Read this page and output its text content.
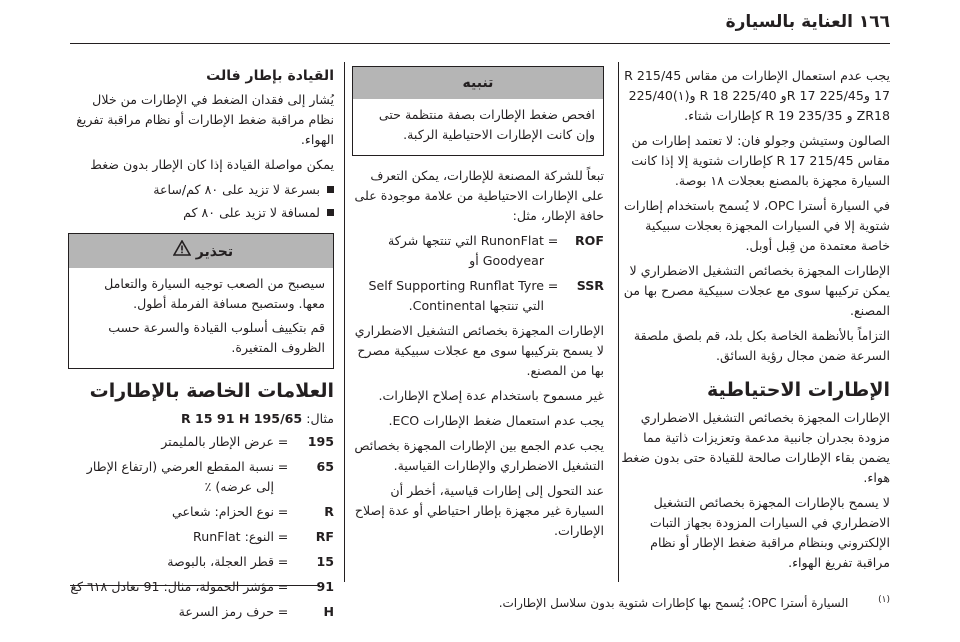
١٦٦ العناية بالسيارة

يجب عدم استعمال الإطارات من مقاس 215/45 R 17 و225/45 R 17و 225/40 R 18 و(١)225/40 ZR18 و 235/35 R 19 كإطارات شتاء.

الصالون وستيشن وجولو فان: لا تعتمد إطارات من مقاس 215/45 R 17 كإطارات شتوية إلا إذا كانت السيارة مجهزة بالمصنع بعجلات ١٨ بوصة.

في السيارة أسترا OPC، لا يُسمح باستخدام إطارات شتوية إلا في السيارات المجهزة بعجلات سبيكية خاصة معتمدة من قِبل أوبل.

الإطارات المجهزة بخصائص التشغيل الاضطراري لا يمكن تركيبها سوى مع عجلات سبيكية مصرح بها من المصنع.

التزاماً بالأنظمة الخاصة بكل بلد، قم بلصق ملصقة السرعة ضمن مجال رؤية السائق.

الإطارات الاحتياطية

الإطارات المجهزة بخصائص التشغيل الاضطراري مزودة بجدران جانبية مدعمة وتعزيزات ذاتية مما يضمن بقاء الإطارات صالحة للقيادة حتى بدون ضغط هواء.

لا يسمح بالإطارات المجهزة بخصائص التشغيل الاضطراري في السيارات المزودة بجهاز التبات الإلكتروني وبنظام مراقبة ضغط الإطار أو نظام مراقبة تفريغ الهواء.

تنبيه

افحص ضغط الإطارات بصفة منتظمة حتى وإن كانت الإطارات الاحتياطية الركبة.

تبعاً للشركة المصنعة للإطارات، يمكن التعرف على الإطارات الاحتياطية من علامة موجودة على حافة الإطار، مثل:

ROF
=
RunonFlat التي تنتجها شركة Goodyear أو
SSR
=
Self Supporting Runflat Tyre التي تنتجها Continental.

الإطارات المجهزة بخصائص التشغيل الاضطراري لا يسمح بتركيبها سوى مع عجلات سبيكية مصرح بها من المصنع.

غير مسموح باستخدام عدة إصلاح الإطارات.

يجب عدم استعمال ضغط الإطارات ECO.

يجب عدم الجمع بين الإطارات المجهزة بخصائص التشغيل الاضطراري والإطارات القياسية.

عند التحول إلى إطارات قياسية، أخطر أن السيارة غير مجهزة بإطار احتياطي أو عدة إصلاح الإطارات.

القيادة بإطار فالت

يُشار إلى فقدان الضغط في الإطارات من خلال نظام مراقبة ضغط الإطارات أو نظام مراقبة تفريغ الهواء.

يمكن مواصلة القيادة إذا كان الإطار بدون ضغط

بسرعة لا تزيد على ٨٠ كم/ساعة
لمسافة لا تزيد على ٨٠ كم
تحذير

سيصبح من الصعب توجيه السيارة والتعامل معها. وستصبح مسافة الفرملة أطول.

قم بتكييف أسلوب القيادة والسرعة حسب الظروف المتغيرة.

العلامات الخاصة بالإطارات

مثال: 195/65 R 15 91 H

195
=
عرض الإطار بالمليمتر
65
=
نسبة المقطع العرضي (ارتفاع الإطار إلى عرضه) ٪
R
=
نوع الحزام: شعاعي
RF
=
النوع: RunFlat
15
=
قطر العجلة، بالبوصة
91
=
مؤشر الحمولة، مثال: 91 تعادل ٦١٨ كغ
H
=
حرف رمز السرعة
$^{(١)}$ السيارة أسترا OPC: يُسمح بها كإطارات شتوية بدون سلاسل الإطارات.
